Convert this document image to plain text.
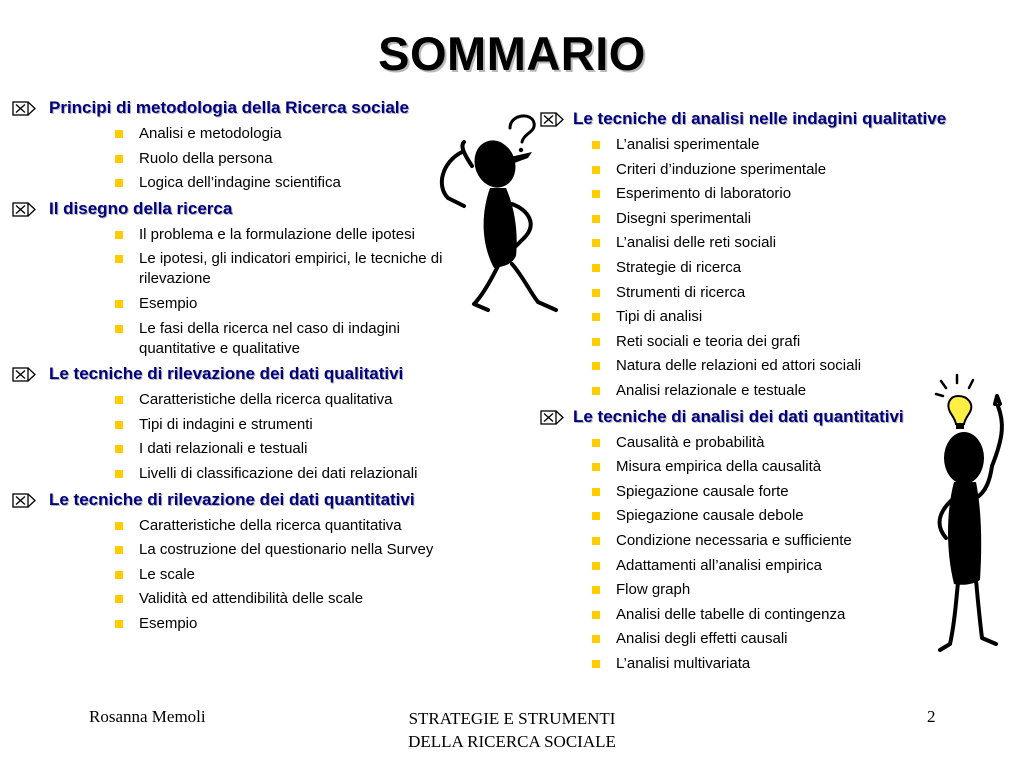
SOMMARIO
Principi di metodologia della Ricerca sociale
Analisi e metodologia
Ruolo della persona
Logica dell’indagine scientifica
Il disegno della ricerca
Il problema e la formulazione delle ipotesi
Le ipotesi, gli indicatori empirici, le tecniche di rilevazione
Esempio
Le fasi della ricerca nel caso di indagini quantitative e qualitative
Le tecniche di rilevazione dei dati qualitativi
Caratteristiche della ricerca qualitativa
Tipi di indagini e strumenti
I dati relazionali e testuali
Livelli di classificazione dei dati relazionali
Le tecniche di rilevazione dei dati quantitativi
Caratteristiche della ricerca quantitativa
La costruzione del questionario nella Survey
Le scale
Validità ed attendibilità delle scale
Esempio
Le tecniche di analisi nelle indagini qualitative
L’analisi sperimentale
Criteri d’induzione sperimentale
Esperimento di laboratorio
Disegni sperimentali
L’analisi delle reti sociali
Strategie di ricerca
Strumenti di ricerca
Tipi di analisi
Reti sociali e teoria dei grafi
Natura delle relazioni ed attori sociali
Analisi relazionale e testuale
Le tecniche di analisi dei dati quantitativi
Causalità e probabilità
Misura empirica della causalità
Spiegazione causale forte
Spiegazione causale debole
Condizione necessaria e sufficiente
Adattamenti all’analisi empirica
Flow graph
Analisi delle tabelle di contingenza
Analisi degli effetti causali
L’analisi multivariata
Rosanna Memoli	STRATEGIE E STRUMENTI
DELLA RICERCA SOCIALE
2
